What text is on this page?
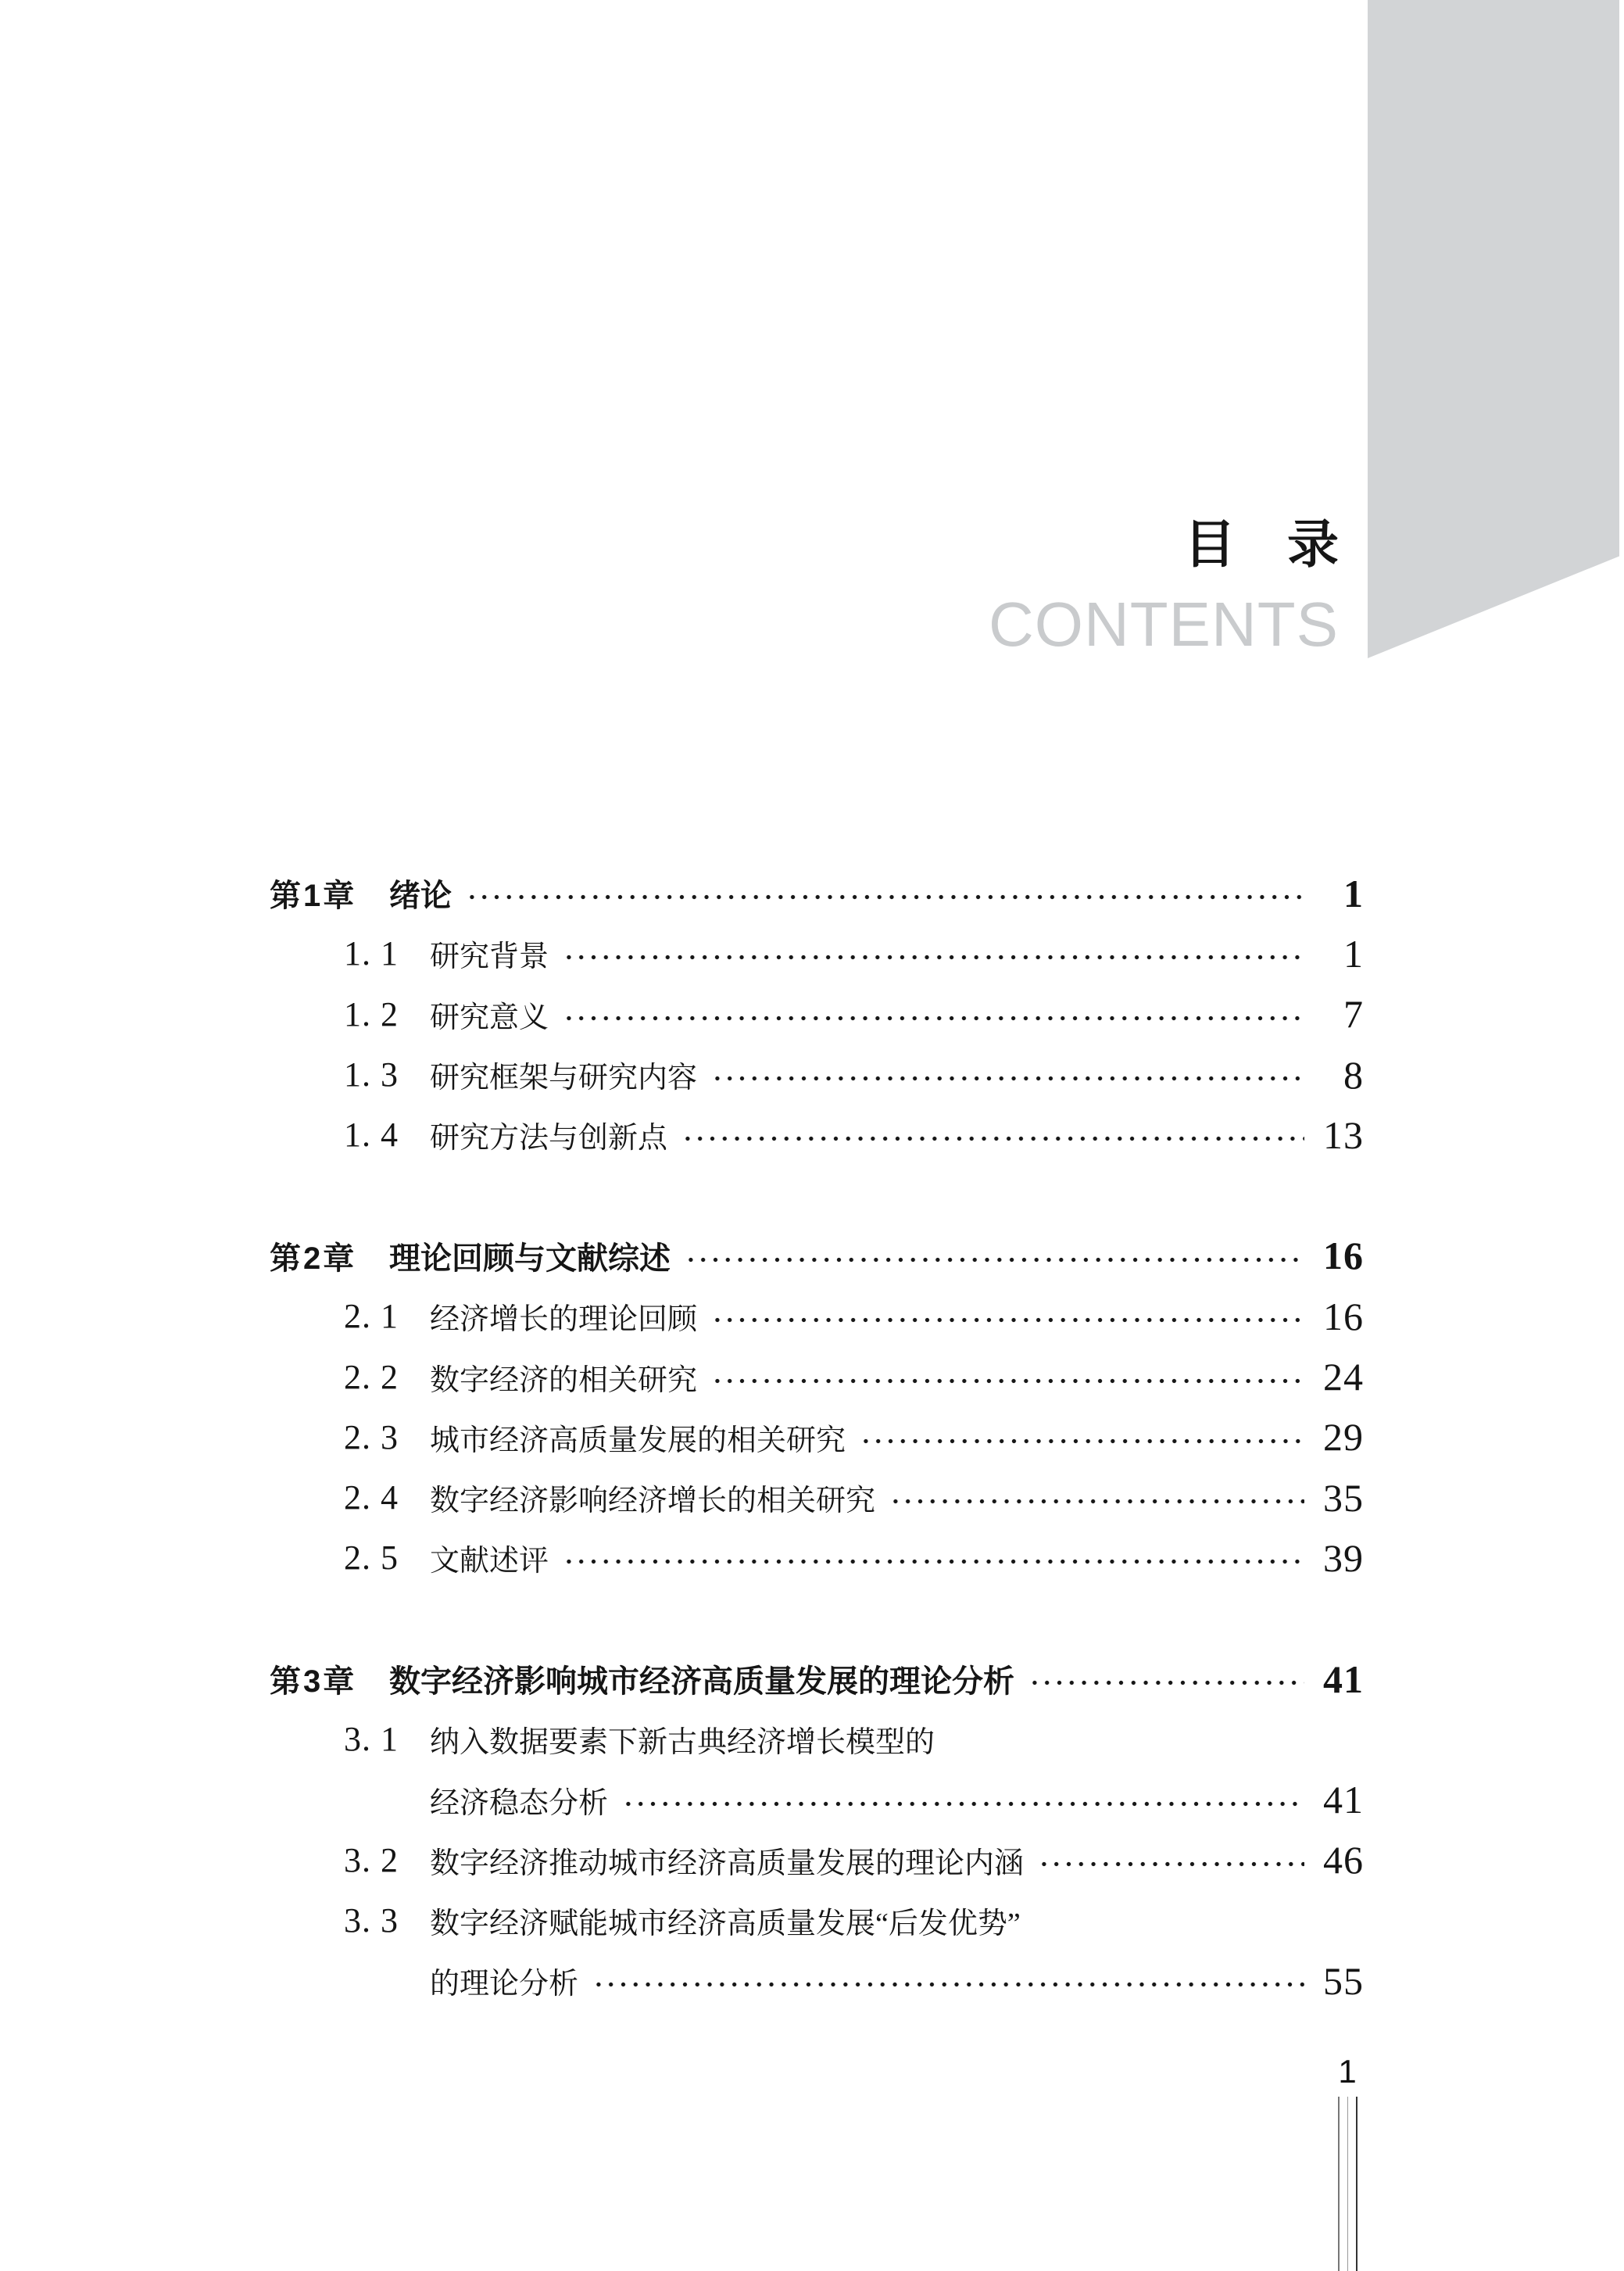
目　录
CONTENTS
第1章	绪论	1
1. 1	研究背景	1
1. 2	研究意义	7
1. 3	研究框架与研究内容	8
1. 4	研究方法与创新点	13
第2章	理论回顾与文献综述	16
2. 1	经济增长的理论回顾	16
2. 2	数字经济的相关研究	24
2. 3	城市经济高质量发展的相关研究	29
2. 4	数字经济影响经济增长的相关研究	35
2. 5	文献述评	39
第3章	数字经济影响城市经济高质量发展的理论分析	41
3. 1	纳入数据要素下新古典经济增长模型的
经济稳态分析	41
3. 2	数字经济推动城市经济高质量发展的理论内涵	46
3. 3	数字经济赋能城市经济高质量发展“后发优势”
的理论分析	55
1
